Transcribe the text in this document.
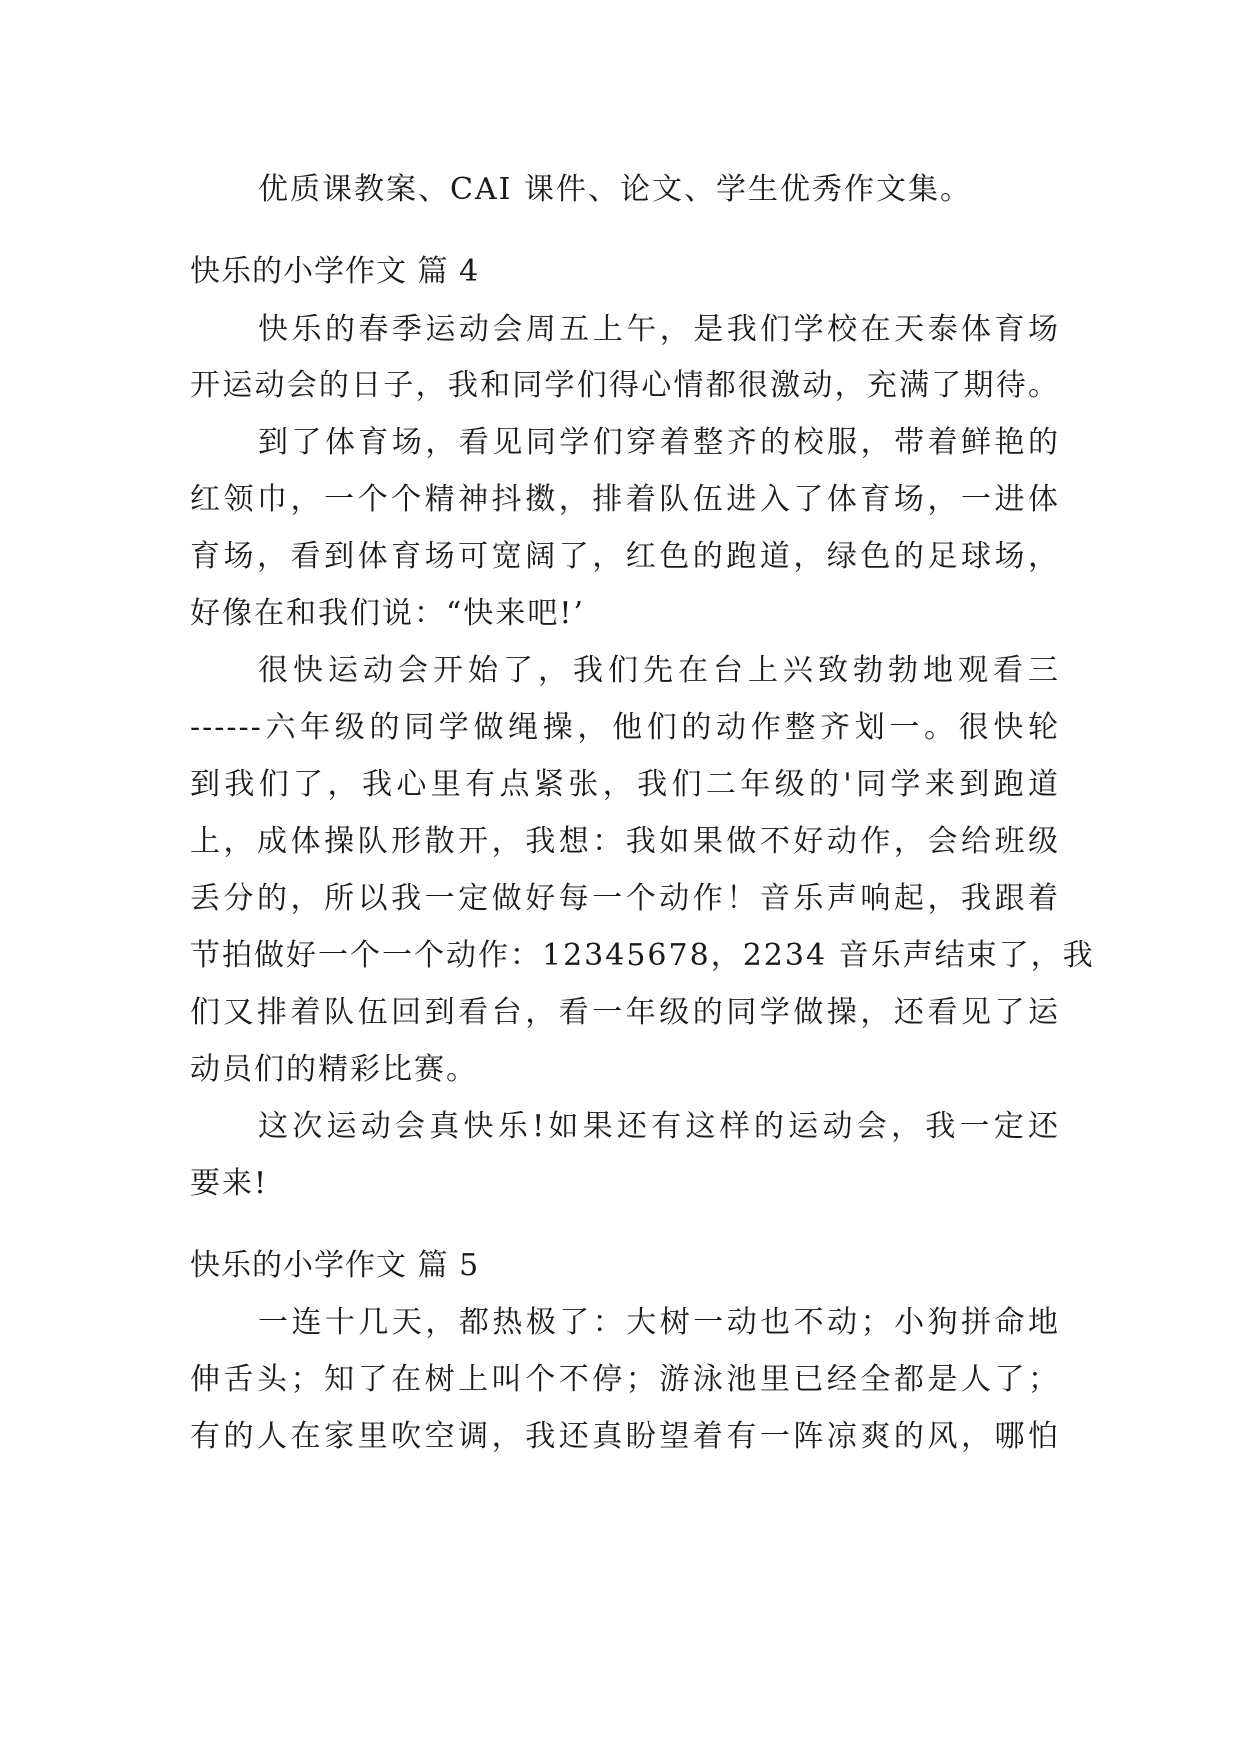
优质课教案、CAI 课件、论文、学生优秀作文集。
快乐的小学作文 篇 4
快乐的春季运动会周五上午，是我们学校在天泰体育场
开运动会的日子，我和同学们得心情都很激动，充满了期待。
到了体育场，看见同学们穿着整齐的校服，带着鲜艳的
红领巾，一个个精神抖擞，排着队伍进入了体育场，一进体
育场，看到体育场可宽阔了，红色的跑道，绿色的足球场，
好像在和我们说：“快来吧!’
很快运动会开始了，我们先在台上兴致勃勃地观看三
------六年级的同学做绳操，他们的动作整齐划一。很快轮
到我们了，我心里有点紧张，我们二年级的'同学来到跑道
上，成体操队形散开，我想：我如果做不好动作，会给班级
丢分的，所以我一定做好每一个动作！音乐声响起，我跟着
节拍做好一个一个动作：12345678，2234 音乐声结束了，我
们又排着队伍回到看台，看一年级的同学做操，还看见了运
动员们的精彩比赛。
这次运动会真快乐!如果还有这样的运动会，我一定还
要来!
快乐的小学作文 篇 5
一连十几天，都热极了：大树一动也不动；小狗拼命地
伸舌头；知了在树上叫个不停；游泳池里已经全都是人了；
有的人在家里吹空调，我还真盼望着有一阵凉爽的风，哪怕
